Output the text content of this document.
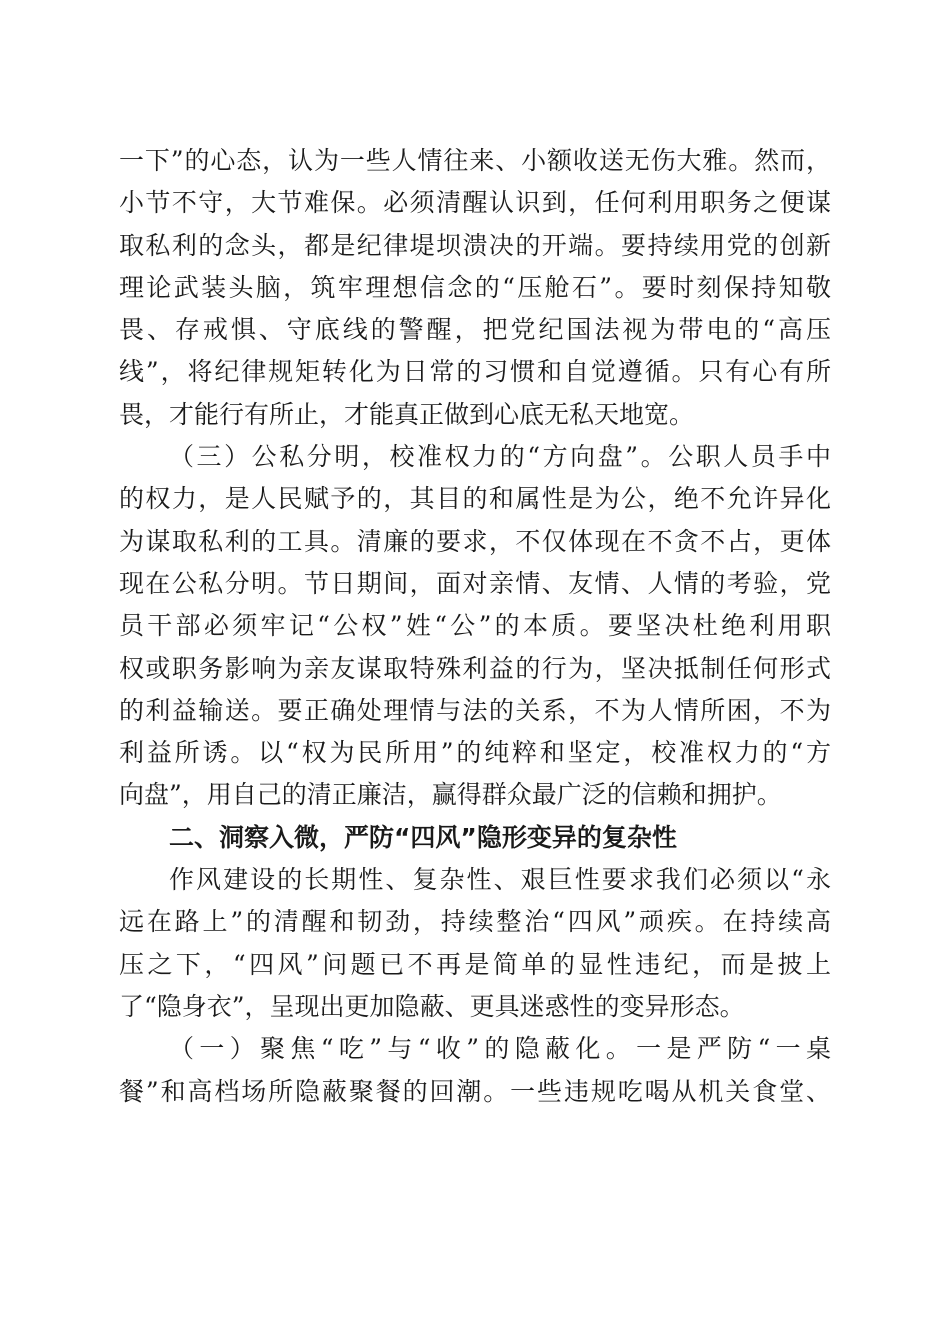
一下”的心态，认为一些人情往来、小额收送无伤大雅。然而，
小节不守，大节难保。必须清醒认识到，任何利用职务之便谋
取私利的念头，都是纪律堤坝溃决的开端。要持续用党的创新
理论武装头脑，筑牢理想信念的“压舱石”。要时刻保持知敬
畏、存戒惧、守底线的警醒，把党纪国法视为带电的“高压
线”，将纪律规矩转化为日常的习惯和自觉遵循。只有心有所
畏，才能行有所止，才能真正做到心底无私天地宽。
（三）公私分明，校准权力的“方向盘”。公职人员手中
的权力，是人民赋予的，其目的和属性是为公，绝不允许异化
为谋取私利的工具。清廉的要求，不仅体现在不贪不占，更体
现在公私分明。节日期间，面对亲情、友情、人情的考验，党
员干部必须牢记“公权”姓“公”的本质。要坚决杜绝利用职
权或职务影响为亲友谋取特殊利益的行为，坚决抵制任何形式
的利益输送。要正确处理情与法的关系，不为人情所困，不为
利益所诱。以“权为民所用”的纯粹和坚定，校准权力的“方
向盘”，用自己的清正廉洁，赢得群众最广泛的信赖和拥护。
二、洞察入微，严防“四风”隐形变异的复杂性
作风建设的长期性、复杂性、艰巨性要求我们必须以“永
远在路上”的清醒和韧劲，持续整治“四风”顽疾。在持续高
压之下，“四风”问题已不再是简单的显性违纪，而是披上
了“隐身衣”，呈现出更加隐蔽、更具迷惑性的变异形态。
（一）聚焦“吃”与“收”的隐蔽化。一是严防“一桌
餐”和高档场所隐蔽聚餐的回潮。一些违规吃喝从机关食堂、
